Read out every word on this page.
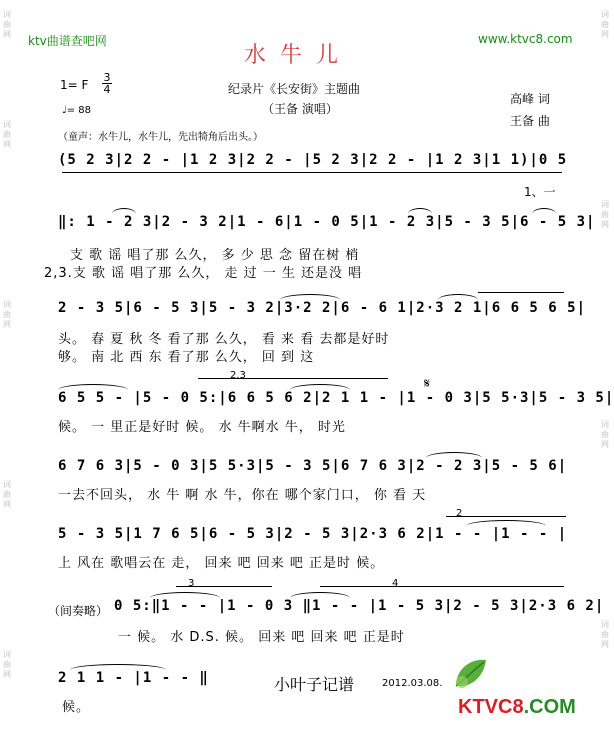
词
曲
网
词
曲
网
词
曲
网
词
曲
网
词
曲
网
词
曲
网
词
曲
网
词
曲
网
词
曲
网
ktv曲谱查吧网	www.ktvc8.com
水牛儿
1= F
3
4
♩= 88
纪录片《长安街》主题曲
（王备 演唱）
高峰 词
王备 曲
（童声：水牛儿，水牛儿，先出犄角后出头。）
(5 2 3|2 2 - |1 2 3|2 2 - |5 2 3|2 2 - |1 2 3|1 1)|0 5
1、一
‖: 1 - 2 3|2 - 3 2|1 - 6|1 - 0 5|1 - 2 3|5 - 3 5|6 - 5 3|
支 歌 谣 唱了那 么久， 多 少 思 念 留在树 梢
2,3.支 歌 谣 唱了那 么久， 走 过 一 生 还是没 唱
2 - 3 5|6 - 5 3|5 - 3 2|3·2 2|6 - 6 1|2·3 2 1|6 6 5 6 5|
头。 春 夏 秋 冬 看了那 么久， 看 来 看 去都是好时
够。 南 北 西 东 看了那 么久， 回 到 这
2.3
𝄋
6 5 5 - |5 - 0 5:|6 6 5 6 2|2 1 1 - |1 - 0 3|5 5·3|5 - 3 5|
候。 一 里正是好时 候。 水 牛啊水 牛， 时光
6 7 6 3|5 - 0 3|5 5·3|5 - 3 5|6 7 6 3|2 - 2 3|5 - 5 6|
一去不回头， 水 牛 啊 水 牛，你在 哪个家门口， 你 看 天
2
5 - 3 5|1 7 6 5|6 - 5 3|2 - 5 3|2·3 6 2|1 - - |1 - - |
上 风在 歌唱云在 走， 回来 吧 回来 吧 正是时 候。
3	4
（间奏略） 0 5:‖1 - - |1 - 0 3 ‖1 - - |1 - 5 3|2 - 5 3|2·3 6 2|
一 候。 水 D.S. 候。 回来 吧 回来 吧 正是时
2 1 1 - |1 - - ‖
候。
小叶子记谱	2012.03.08.
KTVC8.COM
